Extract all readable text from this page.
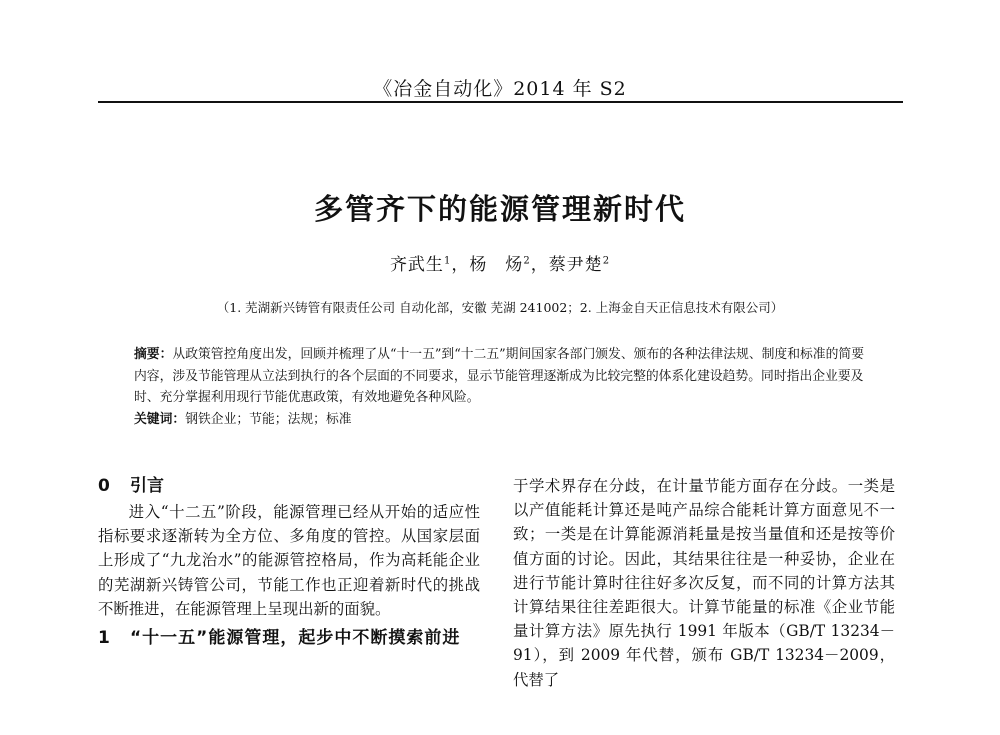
《冶金自动化》2014 年 S2
多管齐下的能源管理新时代
齐武生$^1$，杨　炀$^2$，蔡尹楚$^2$
（1. 芜湖新兴铸管有限责任公司 自动化部，安徽 芜湖 241002；2. 上海金自天正信息技术有限公司）

摘要：从政策管控角度出发，回顾并梳理了从“十一五”到“十二五”期间国家各部门颁发、颁布的各种法律法规、制度和标准的简要内容，涉及节能管理从立法到执行的各个层面的不同要求，显示节能管理逐渐成为比较完整的体系化建设趋势。同时指出企业要及时、充分掌握利用现行节能优惠政策，有效地避免各种风险。

关键词：钢铁企业；节能；法规；标准

0 引言

进入“十二五”阶段，能源管理已经从开始的适应性指标要求逐渐转为全方位、多角度的管控。从国家层面上形成了“九龙治水”的能源管控格局，作为高耗能企业的芜湖新兴铸管公司，节能工作也正迎着新时代的挑战不断推进，在能源管理上呈现出新的面貌。

1	“十一五”能源管理，起步中不断摸索前进

于学术界存在分歧，在计量节能方面存在分歧。一类是以产值能耗计算还是吨产品综合能耗计算方面意见不一致；一类是在计算能源消耗量是按当量值和还是按等价值方面的讨论。因此，其结果往往是一种妥协，企业在进行节能计算时往往好多次反复，而不同的计算方法其计算结果往往差距很大。计算节能量的标准《企业节能量计算方法》原先执行 1991 年版本（GB/T 13234－91），到 2009 年代替，颁布 GB/T 13234－2009，代替了
